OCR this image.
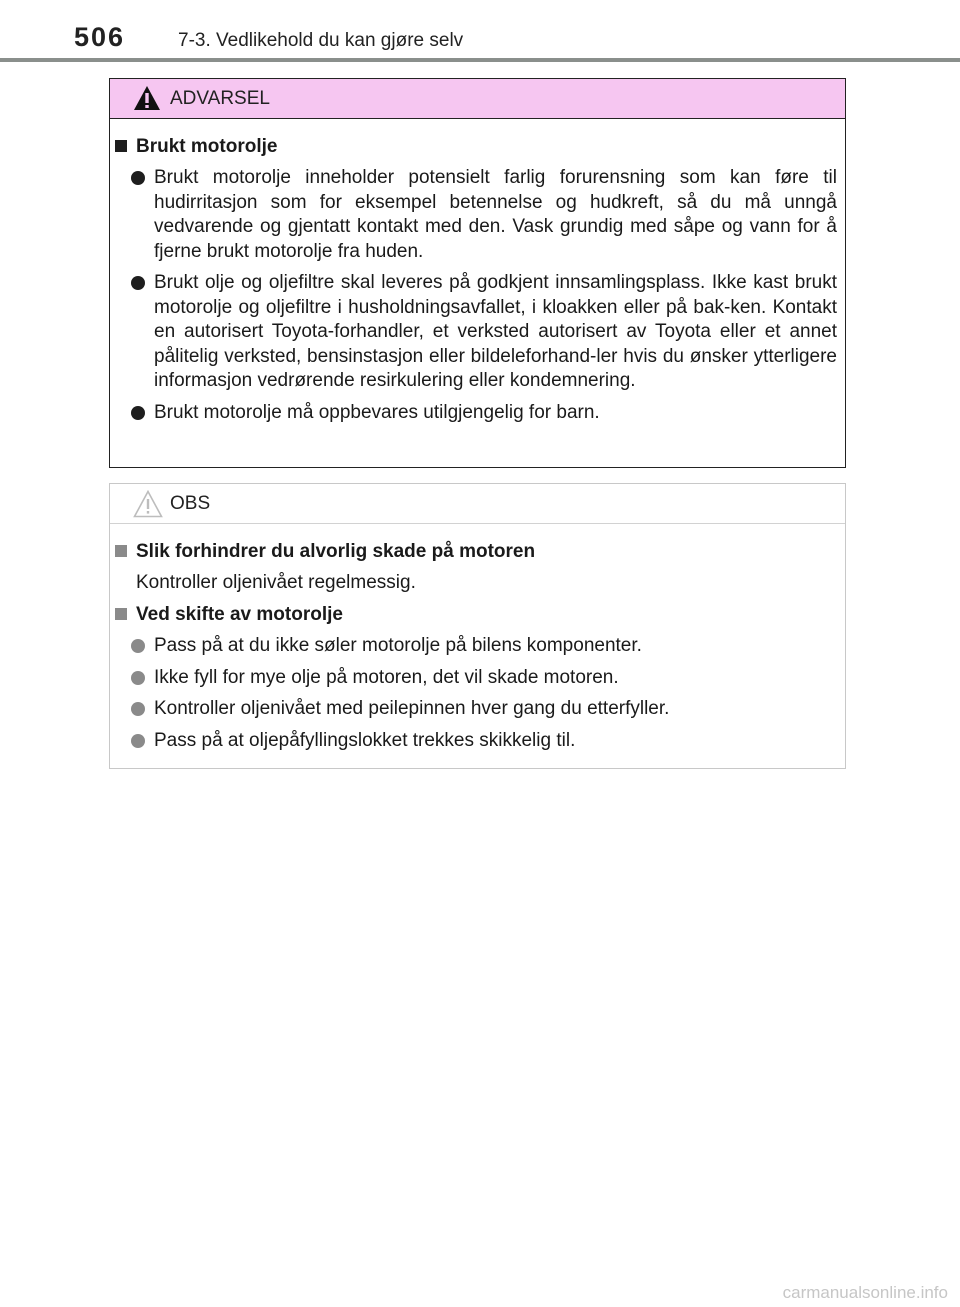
506	7-3. Vedlikehold du kan gjøre selv
ADVARSEL
Brukt motorolje
Brukt motorolje inneholder potensielt farlig forurensning som kan føre til hudirritasjon som for eksempel betennelse og hudkreft, så du må unngå vedvarende og gjentatt kontakt med den. Vask grundig med såpe og vann for å fjerne brukt motorolje fra huden.
Brukt olje og oljefiltre skal leveres på godkjent innsamlingsplass. Ikke kast brukt motorolje og oljefiltre i husholdningsavfallet, i kloakken eller på bak-ken. Kontakt en autorisert Toyota-forhandler, et verksted autorisert av Toyota eller et annet pålitelig verksted, bensinstasjon eller bildeleforhand-ler hvis du ønsker ytterligere informasjon vedrørende resirkulering eller kondemnering.
Brukt motorolje må oppbevares utilgjengelig for barn.
OBS
Slik forhindrer du alvorlig skade på motoren
Kontroller oljenivået regelmessig.
Ved skifte av motorolje
Pass på at du ikke søler motorolje på bilens komponenter.
Ikke fyll for mye olje på motoren, det vil skade motoren.
Kontroller oljenivået med peilepinnen hver gang du etterfyller.
Pass på at oljepåfyllingslokket trekkes skikkelig til.
carmanualsonline.info
